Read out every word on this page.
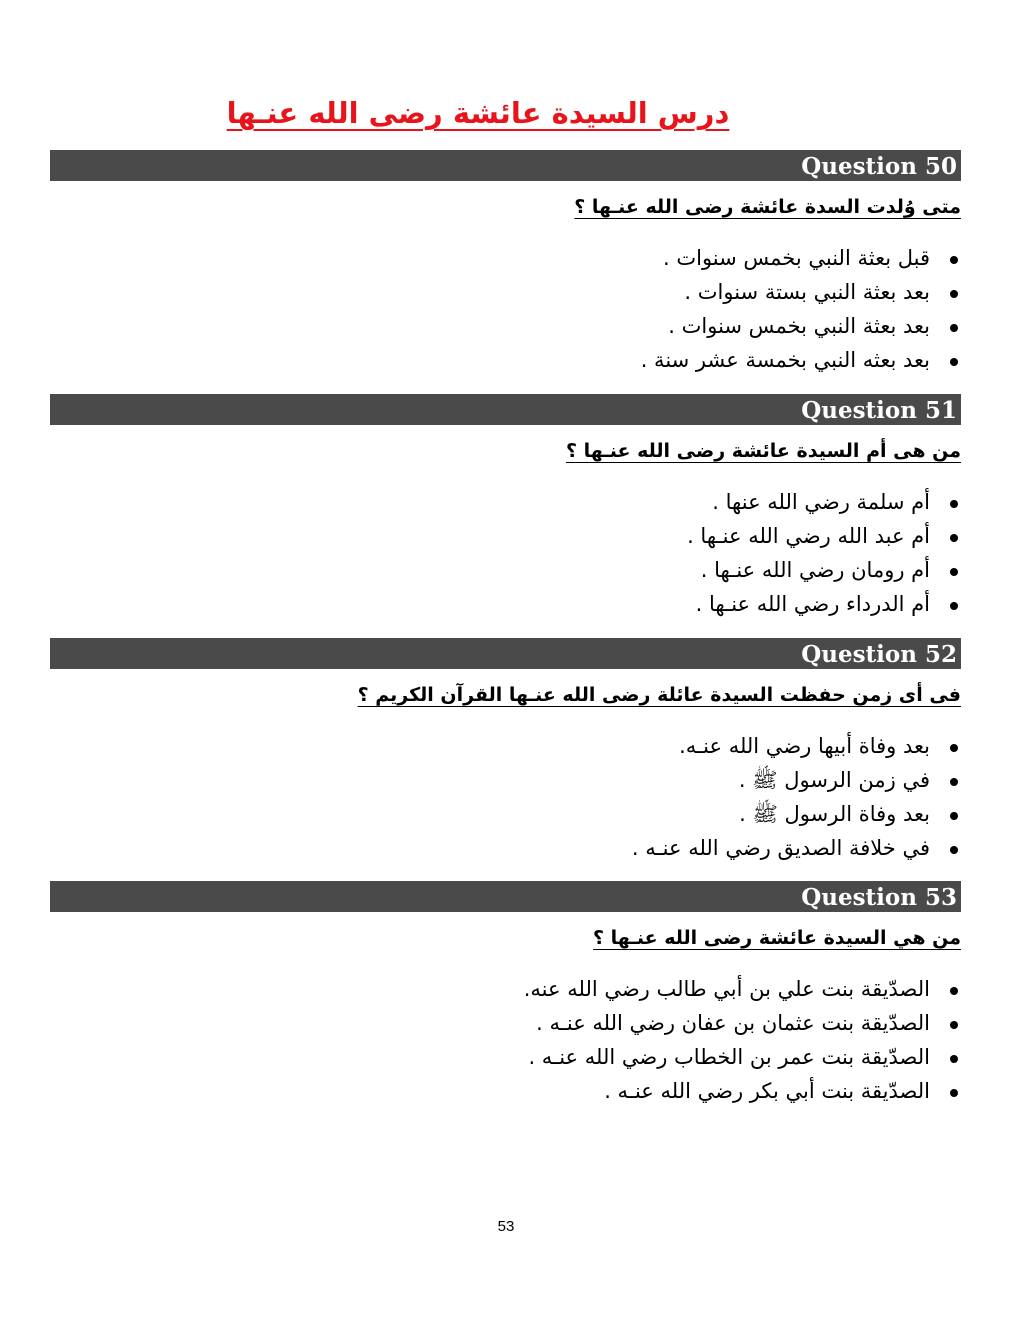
درس السيدة عائشة رضى الله عنـها
Question 50
متى وُلدت السدة عائشة رضى الله عنـها ؟
قبل بعثة النبي بخمس سنوات .
بعد بعثة النبي بستة سنوات .
بعد بعثة النبي بخمس سنوات .
بعد بعثه النبي بخمسة عشر سنة .
Question 51
من هى أم السيدة عائشة رضى الله عنـها ؟
أم سلمة رضي الله عنها .
أم عبد الله رضي الله عنـها .
أم رومان رضي الله عنـها .
أم الدرداء رضي الله عنـها .
Question 52
فى أى زمن حفظت السيدة عائلة رضى الله عنـها القرآن الكريم ؟
بعد وفاة أبيها رضي الله عنـه.
في زمن الرسول ﷺ .
بعد وفاة الرسول ﷺ .
في خلافة الصديق رضي الله عنـه .
Question 53
من هي السيدة عائشة رضى الله عنـها ؟
الصدّيقة بنت علي بن أبي طالب رضي الله عنه.
الصدّيقة بنت عثمان بن عفان رضي الله عنـه .
الصدّيقة بنت عمر بن الخطاب رضي الله عنـه .
الصدّيقة بنت أبي بكر رضي الله عنـه .
53
